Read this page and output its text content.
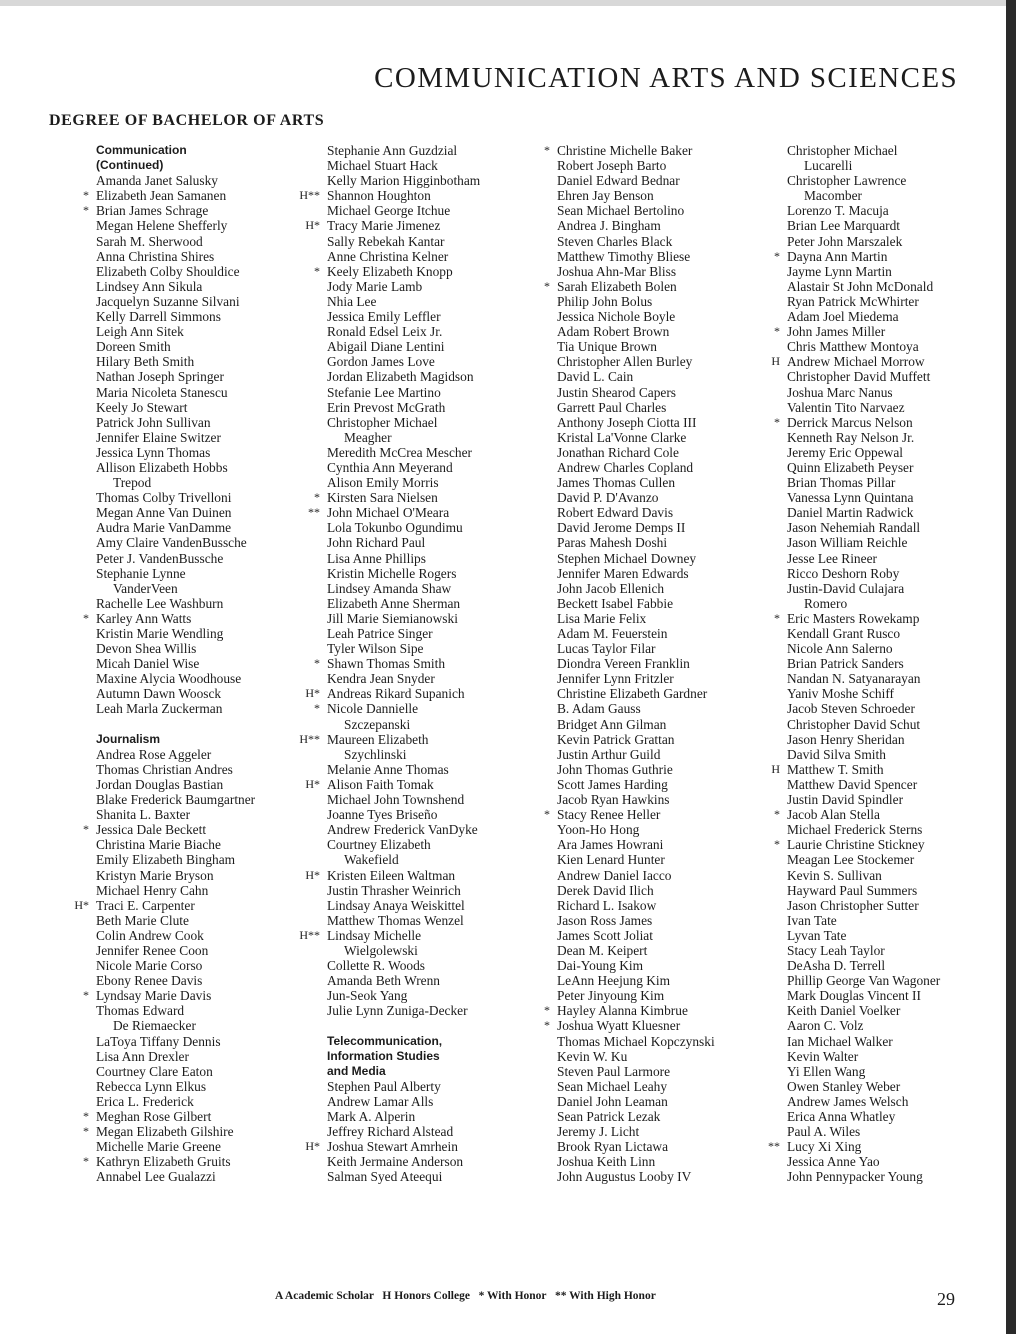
COMMUNICATION ARTS AND SCIENCES
DEGREE OF BACHELOR OF ARTS
Communication
(Continued)
Amanda Janet Salusky
* Elizabeth Jean Samanen
* Brian James Schrage
Megan Helene Shefferly
Sarah M. Sherwood
Anna Christina Shires
Elizabeth Colby Shouldice
Lindsey Ann Sikula
Jacquelyn Suzanne Silvani
Kelly Darrell Simmons
Leigh Ann Sitek
Doreen Smith
Hilary Beth Smith
Nathan Joseph Springer
Maria Nicoleta Stanescu
Keely Jo Stewart
Patrick John Sullivan
Jennifer Elaine Switzer
Jessica Lynn Thomas
Allison Elizabeth Hobbs
Trepod
Thomas Colby Trivelloni
Megan Anne Van Duinen
Audra Marie VanDamme
Amy Claire VandenBussche
Peter J. VandenBussche
Stephanie Lynne
VanderVeen
Rachelle Lee Washburn
* Karley Ann Watts
Kristin Marie Wendling
Devon Shea Willis
Micah Daniel Wise
Maxine Alycia Woodhouse
Autumn Dawn Woosck
Leah Marla Zuckerman
Journalism
Andrea Rose Aggeler
Thomas Christian Andres
Jordan Douglas Bastian
Blake Frederick Baumgartner
Shanita L. Baxter
* Jessica Dale Beckett
Christina Marie Biache
Emily Elizabeth Bingham
Kristyn Marie Bryson
Michael Henry Cahn
H* Traci E. Carpenter
Beth Marie Clute
Colin Andrew Cook
Jennifer Renee Coon
Nicole Marie Corso
Ebony Renee Davis
* Lyndsay Marie Davis
Thomas Edward
De Riemaecker
LaToya Tiffany Dennis
Lisa Ann Drexler
Courtney Clare Eaton
Rebecca Lynn Elkus
Erica L. Frederick
* Meghan Rose Gilbert
* Megan Elizabeth Gilshire
Michelle Marie Greene
* Kathryn Elizabeth Gruits
Annabel Lee Gualazzi
Stephanie Ann Guzdzial
Michael Stuart Hack
Kelly Marion Higginbotham
H** Shannon Houghton
Michael George Itchue
H* Tracy Marie Jimenez
Sally Rebekah Kantar
Anne Christina Kelner
* Keely Elizabeth Knopp
Jody Marie Lamb
Nhia Lee
Jessica Emily Leffler
Ronald Edsel Leix Jr.
Abigail Diane Lentini
Gordon James Love
Jordan Elizabeth Magidson
Stefanie Lee Martino
Erin Prevost McGrath
Christopher Michael
Meagher
Meredith McCrea Mescher
Cynthia Ann Meyerand
Alison Emily Morris
* Kirsten Sara Nielsen
** John Michael O'Meara
Lola Tokunbo Ogundimu
John Richard Paul
Lisa Anne Phillips
Kristin Michelle Rogers
Lindsey Amanda Shaw
Elizabeth Anne Sherman
Jill Marie Siemianowski
Leah Patrice Singer
Tyler Wilson Sipe
* Shawn Thomas Smith
Kendra Jean Snyder
H* Andreas Rikard Supanich
* Nicole Dannielle
Szczepanski
H** Maureen Elizabeth
Szychlinski
Melanie Anne Thomas
H* Alison Faith Tomak
Michael John Townshend
Joanne Tyes Briseño
Andrew Frederick VanDyke
Courtney Elizabeth
Wakefield
H* Kristen Eileen Waltman
Justin Thrasher Weinrich
Lindsay Anaya Weiskittel
Matthew Thomas Wenzel
H** Lindsay Michelle
Wielgolewski
Collette R. Woods
Amanda Beth Wrenn
Jun-Seok Yang
Julie Lynn Zuniga-Decker
Telecommunication,
Information Studies
and Media
Stephen Paul Alberty
Andrew Lamar Alls
Mark A. Alperin
Jeffrey Richard Alstead
H* Joshua Stewart Amrhein
Keith Jermaine Anderson
Salman Syed Ateequi
* Christine Michelle Baker
Robert Joseph Barto
Daniel Edward Bednar
Ehren Jay Benson
Sean Michael Bertolino
Andrea J. Bingham
Steven Charles Black
Matthew Timothy Bliese
Joshua Ahn-Mar Bliss
* Sarah Elizabeth Bolen
Philip John Bolus
Jessica Nichole Boyle
Adam Robert Brown
Tia Unique Brown
Christopher Allen Burley
David L. Cain
Justin Shearod Capers
Garrett Paul Charles
Anthony Joseph Ciotta III
Kristal La'Vonne Clarke
Jonathan Richard Cole
Andrew Charles Copland
James Thomas Cullen
David P. D'Avanzo
Robert Edward Davis
David Jerome Demps II
Paras Mahesh Doshi
Stephen Michael Downey
Jennifer Maren Edwards
John Jacob Ellenich
Beckett Isabel Fabbie
Lisa Marie Felix
Adam M. Feuerstein
Lucas Taylor Filar
Diondra Vereen Franklin
Jennifer Lynn Fritzler
Christine Elizabeth Gardner
B. Adam Gauss
Bridget Ann Gilman
Kevin Patrick Grattan
Justin Arthur Guild
John Thomas Guthrie
Scott James Harding
Jacob Ryan Hawkins
* Stacy Renee Heller
Yoon-Ho Hong
Ara James Howrani
Kien Lenard Hunter
Andrew Daniel Iacco
Derek David Ilich
Richard L. Isakow
Jason Ross James
James Scott Joliat
Dean M. Keipert
Dai-Young Kim
LeAnn Heejung Kim
Peter Jinyoung Kim
* Hayley Alanna Kimbrue
* Joshua Wyatt Kluesner
Thomas Michael Kopczynski
Kevin W. Ku
Steven Paul Larmore
Sean Michael Leahy
Daniel John Leaman
Sean Patrick Lezak
Jeremy J. Licht
Brook Ryan Lictawa
Joshua Keith Linn
John Augustus Looby IV
Christopher Michael
Lucarelli
Christopher Lawrence
Macomber
Lorenzo T. Macuja
Brian Lee Marquardt
Peter John Marszalek
* Dayna Ann Martin
Jayme Lynn Martin
Alastair St John McDonald
Ryan Patrick McWhirter
Adam Joel Miedema
* John James Miller
Chris Matthew Montoya
H Andrew Michael Morrow
Christopher David Muffett
Joshua Marc Nanus
Valentin Tito Narvaez
* Derrick Marcus Nelson
Kenneth Ray Nelson Jr.
Jeremy Eric Oppewal
Quinn Elizabeth Peyser
Brian Thomas Pillar
Vanessa Lynn Quintana
Daniel Martin Radwick
Jason Nehemiah Randall
Jason William Reichle
Jesse Lee Rineer
Ricco Deshorn Roby
Justin-David Culajara
Romero
* Eric Masters Rowekamp
Kendall Grant Rusco
Nicole Ann Salerno
Brian Patrick Sanders
Nandan N. Satyanarayan
Yaniv Moshe Schiff
Jacob Steven Schroeder
Christopher David Schut
Jason Henry Sheridan
David Silva Smith
H Matthew T. Smith
Matthew David Spencer
Justin David Spindler
* Jacob Alan Stella
Michael Frederick Sterns
* Laurie Christine Stickney
Meagan Lee Stockemer
Kevin S. Sullivan
Hayward Paul Summers
Jason Christopher Sutter
Ivan Tate
Lyvan Tate
Stacy Leah Taylor
DeAsha D. Terrell
Phillip George Van Wagoner
Mark Douglas Vincent II
Keith Daniel Voelker
Aaron C. Volz
Ian Michael Walker
Kevin Walter
Yi Ellen Wang
Owen Stanley Weber
Andrew James Welsch
Erica Anna Whatley
Paul A. Wiles
** Lucy Xi Xing
Jessica Anne Yao
John Pennypacker Young
A Academic Scholar   H Honors College   * With Honor   ** With High Honor	29
